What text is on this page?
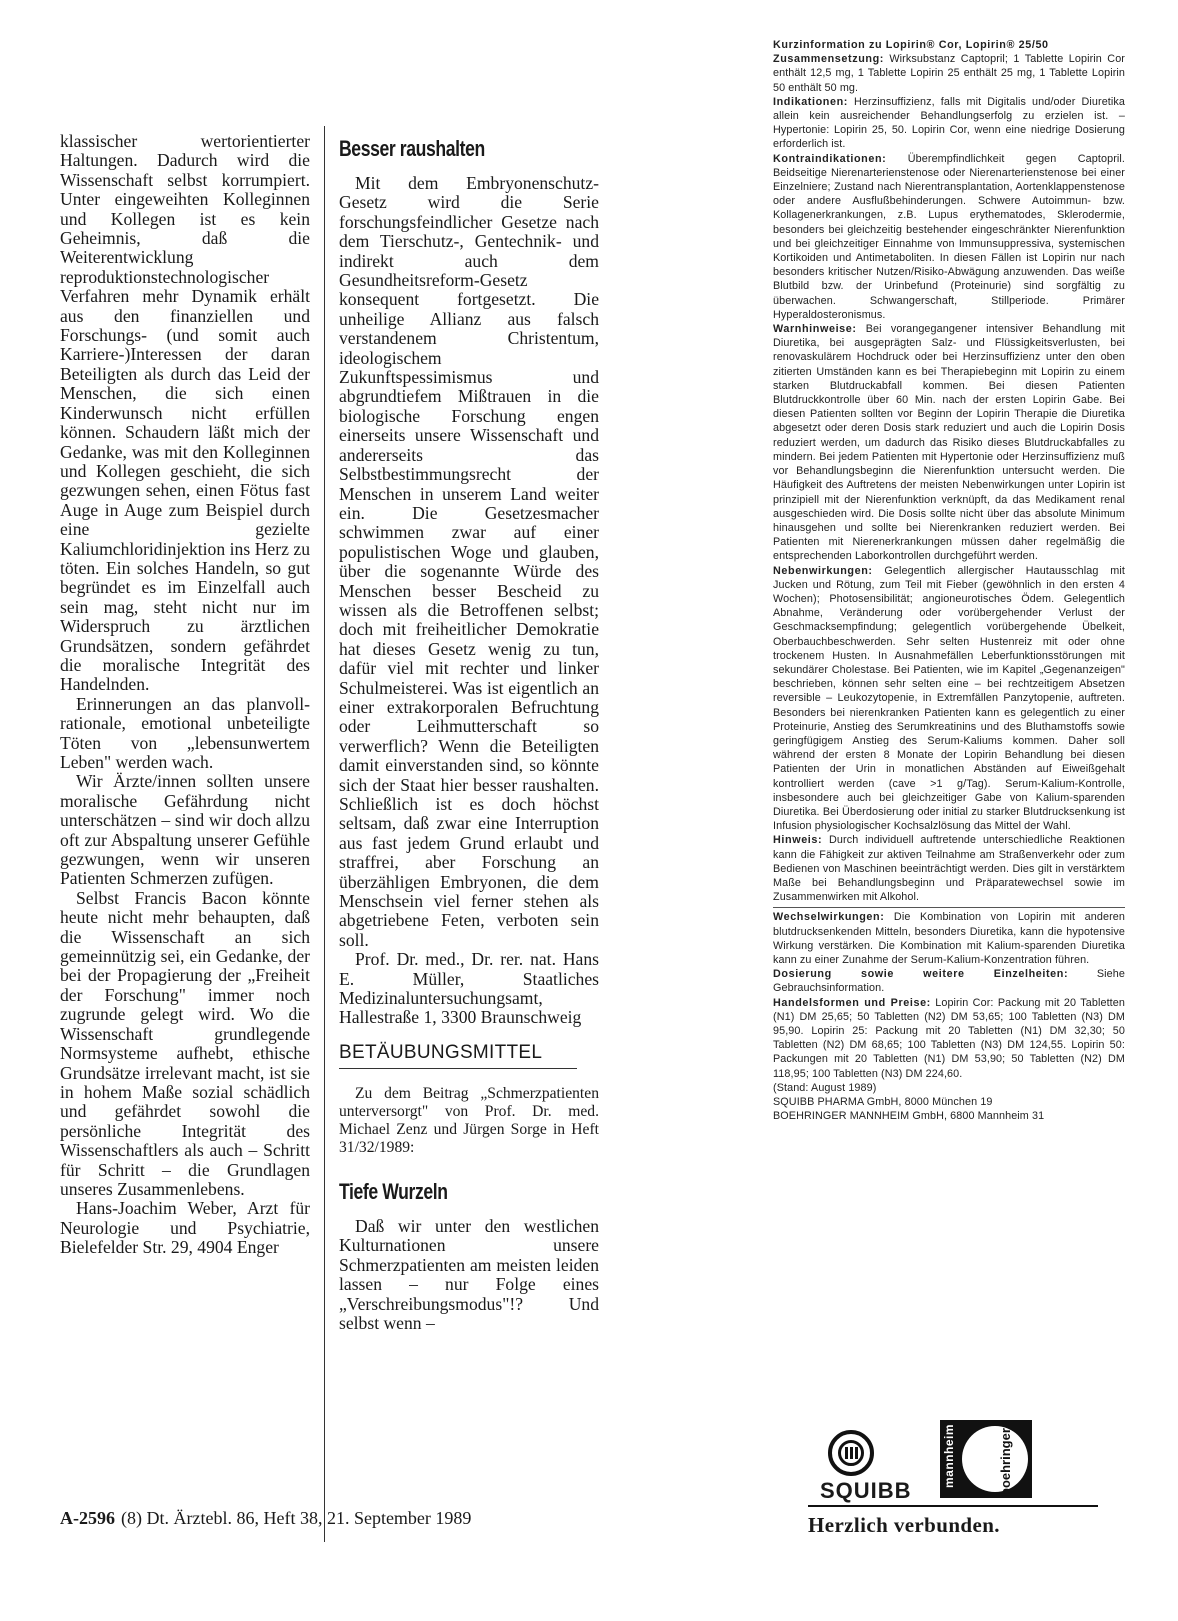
klassischer wertorientierter Haltungen. Dadurch wird die Wissenschaft selbst korrumpiert. Unter eingeweihten Kolleginnen und Kollegen ist es kein Geheimnis, daß die Weiterentwicklung reproduktionstechnologischer Verfahren mehr Dynamik erhält aus den finanziellen und Forschungs- (und somit auch Karriere-)Interessen der daran Beteiligten als durch das Leid der Menschen, die sich einen Kinderwunsch nicht erfüllen können. Schaudern läßt mich der Gedanke, was mit den Kolleginnen und Kollegen geschieht, die sich gezwungen sehen, einen Fötus fast Auge in Auge zum Beispiel durch eine gezielte Kaliumchloridinjektion ins Herz zu töten. Ein solches Handeln, so gut begründet es im Einzelfall auch sein mag, steht nicht nur im Widerspruch zu ärztlichen Grundsätzen, sondern gefährdet die moralische Integrität des Handelnden.

Erinnerungen an das planvoll-rationale, emotional unbeteiligte Töten von „lebensunwertem Leben" werden wach.

Wir Ärzte/innen sollten unsere moralische Gefährdung nicht unterschätzen – sind wir doch allzu oft zur Abspaltung unserer Gefühle gezwungen, wenn wir unseren Patienten Schmerzen zufügen.

Selbst Francis Bacon könnte heute nicht mehr behaupten, daß die Wissenschaft an sich gemeinnützig sei, ein Gedanke, der bei der Propagierung der „Freiheit der Forschung" immer noch zugrunde gelegt wird. Wo die Wissenschaft grundlegende Normsysteme aufhebt, ethische Grundsätze irrelevant macht, ist sie in hohem Maße sozial schädlich und gefährdet sowohl die persönliche Integrität des Wissenschaftlers als auch – Schritt für Schritt – die Grundlagen unseres Zusammenlebens.

Hans-Joachim Weber, Arzt für Neurologie und Psychiatrie, Bielefelder Str. 29, 4904 Enger

Besser raushalten

Mit dem Embryonenschutz-Gesetz wird die Serie forschungsfeindlicher Gesetze nach dem Tierschutz-, Gentechnik- und indirekt auch dem Gesundheitsreform-Gesetz konsequent fortgesetzt. Die unheilige Allianz aus falsch verstandenem Christentum, ideologischem Zukunftspessimismus und abgrundtiefem Mißtrauen in die biologische Forschung engen einerseits unsere Wissenschaft und andererseits das Selbstbestimmungsrecht der Menschen in unserem Land weiter ein. Die Gesetzesmacher schwimmen zwar auf einer populistischen Woge und glauben, über die sogenannte Würde des Menschen besser Bescheid zu wissen als die Betroffenen selbst; doch mit freiheitlicher Demokratie hat dieses Gesetz wenig zu tun, dafür viel mit rechter und linker Schulmeisterei. Was ist eigentlich an einer extrakorporalen Befruchtung oder Leihmutterschaft so verwerflich? Wenn die Beteiligten damit einverstanden sind, so könnte sich der Staat hier besser raushalten. Schließlich ist es doch höchst seltsam, daß zwar eine Interruption aus fast jedem Grund erlaubt und straffrei, aber Forschung an überzähligen Embryonen, die dem Menschsein viel ferner stehen als abgetriebene Feten, verboten sein soll.

Prof. Dr. med., Dr. rer. nat. Hans E. Müller, Staatliches Medizinaluntersuchungsamt, Hallestraße 1, 3300 Braunschweig

BETÄUBUNGSMITTEL

Zu dem Beitrag „Schmerzpatienten unterversorgt" von Prof. Dr. med. Michael Zenz und Jürgen Sorge in Heft 31/32/1989:

Tiefe Wurzeln

Daß wir unter den westlichen Kulturnationen unsere Schmerzpatienten am meisten leiden lassen – nur Folge eines „Verschreibungsmodus"!? Und selbst wenn –

Kurzinformation zu Lopirin® Cor, Lopirin® 25/50

Zusammensetzung: Wirksubstanz Captopril; 1 Tablette Lopirin Cor enthält 12,5 mg, 1 Tablette Lopirin 25 enthält 25 mg, 1 Tablette Lopirin 50 enthält 50 mg.

Indikationen: Herzinsuffizienz, falls mit Digitalis und/oder Diuretika allein kein ausreichender Behandlungserfolg zu erzielen ist. – Hypertonie: Lopirin 25, 50. Lopirin Cor, wenn eine niedrige Dosierung erforderlich ist.

Kontraindikationen: Überempfindlichkeit gegen Captopril. Beidseitige Nierenarterienstenose oder Nierenarterienstenose bei einer Einzelniere; Zustand nach Nierentransplantation, Aortenklappenstenose oder andere Ausflußbehinderungen. Schwere Autoimmun- bzw. Kollagenerkrankungen, z.B. Lupus erythematodes, Sklerodermie, besonders bei gleichzeitig bestehender eingeschränkter Nierenfunktion und bei gleichzeitiger Einnahme von Immunsuppressiva, systemischen Kortikoiden und Antimetaboliten. In diesen Fällen ist Lopirin nur nach besonders kritischer Nutzen/Risiko-Abwägung anzuwenden. Das weiße Blutbild bzw. der Urinbefund (Proteinurie) sind sorgfältig zu überwachen. Schwangerschaft, Stillperiode. Primärer Hyperaldosteronismus.

Warnhinweise: Bei vorangegangener intensiver Behandlung mit Diuretika, bei ausgeprägten Salz- und Flüssigkeitsverlusten, bei renovaskulärem Hochdruck oder bei Herzinsuffizienz unter den oben zitierten Umständen kann es bei Therapiebeginn mit Lopirin zu einem starken Blutdruckabfall kommen. Bei diesen Patienten Blutdruckkontrolle über 60 Min. nach der ersten Lopirin Gabe. Bei diesen Patienten sollten vor Beginn der Lopirin Therapie die Diuretika abgesetzt oder deren Dosis stark reduziert und auch die Lopirin Dosis reduziert werden, um dadurch das Risiko dieses Blutdruckabfalles zu mindern. Bei jedem Patienten mit Hypertonie oder Herzinsuffizienz muß vor Behandlungsbeginn die Nierenfunktion untersucht werden. Die Häufigkeit des Auftretens der meisten Nebenwirkungen unter Lopirin ist prinzipiell mit der Nierenfunktion verknüpft, da das Medikament renal ausgeschieden wird. Die Dosis sollte nicht über das absolute Minimum hinausgehen und sollte bei Nierenkranken reduziert werden. Bei Patienten mit Nierenerkrankungen müssen daher regelmäßig die entsprechenden Laborkontrollen durchgeführt werden.

Nebenwirkungen: Gelegentlich allergischer Hautausschlag mit Jucken und Rötung, zum Teil mit Fieber (gewöhnlich in den ersten 4 Wochen); Photosensibilität; angioneurotisches Ödem. Gelegentlich Abnahme, Veränderung oder vorübergehender Verlust der Geschmacksempfindung; gelegentlich vorübergehende Übelkeit, Oberbauchbeschwerden. Sehr selten Hustenreiz mit oder ohne trockenem Husten. In Ausnahmefällen Leberfunktionsstörungen mit sekundärer Cholestase. Bei Patienten, wie im Kapitel „Gegenanzeigen" beschrieben, können sehr selten eine – bei rechtzeitigem Absetzen reversible – Leukozytopenie, in Extremfällen Panzytopenie, auftreten. Besonders bei nierenkranken Patienten kann es gelegentlich zu einer Proteinurie, Anstieg des Serumkreatinins und des Bluthamstoffs sowie geringfügigem Anstieg des Serum-Kaliums kommen. Daher soll während der ersten 8 Monate der Lopirin Behandlung bei diesen Patienten der Urin in monatlichen Abständen auf Eiweißgehalt kontrolliert werden (cave >1 g/Tag). Serum-Kalium-Kontrolle, insbesondere auch bei gleichzeitiger Gabe von Kalium-sparenden Diuretika. Bei Überdosierung oder initial zu starker Blutdrucksenkung ist Infusion physiologischer Kochsalzlösung das Mittel der Wahl.

Hinweis: Durch individuell auftretende unterschiedliche Reaktionen kann die Fähigkeit zur aktiven Teilnahme am Straßenverkehr oder zum Bedienen von Maschinen beeinträchtigt werden. Dies gilt in verstärktem Maße bei Behandlungsbeginn und Präparatewechsel sowie im Zusammenwirken mit Alkohol.

Wechselwirkungen: Die Kombination von Lopirin mit anderen blutdrucksenkenden Mitteln, besonders Diuretika, kann die hypotensive Wirkung verstärken. Die Kombination mit Kalium-sparenden Diuretika kann zu einer Zunahme der Serum-Kalium-Konzentration führen.

Dosierung sowie weitere Einzelheiten: Siehe Gebrauchsinformation.

Handelsformen und Preise: Lopirin Cor: Packung mit 20 Tabletten (N1) DM 25,65; 50 Tabletten (N2) DM 53,65; 100 Tabletten (N3) DM 95,90. Lopirin 25: Packung mit 20 Tabletten (N1) DM 32,30; 50 Tabletten (N2) DM 68,65; 100 Tabletten (N3) DM 124,55. Lopirin 50: Packungen mit 20 Tabletten (N1) DM 53,90; 50 Tabletten (N2) DM 118,95; 100 Tabletten (N3) DM 224,60.

(Stand: August 1989)

SQUIBB PHARMA GmbH, 8000 München 19

BOEHRINGER MANNHEIM GmbH, 6800 Mannheim 31

SQUIBB
mannheim	boehringer
Herzlich verbunden.
A-2596 (8) Dt. Ärztebl. 86, Heft 38, 21. September 1989
